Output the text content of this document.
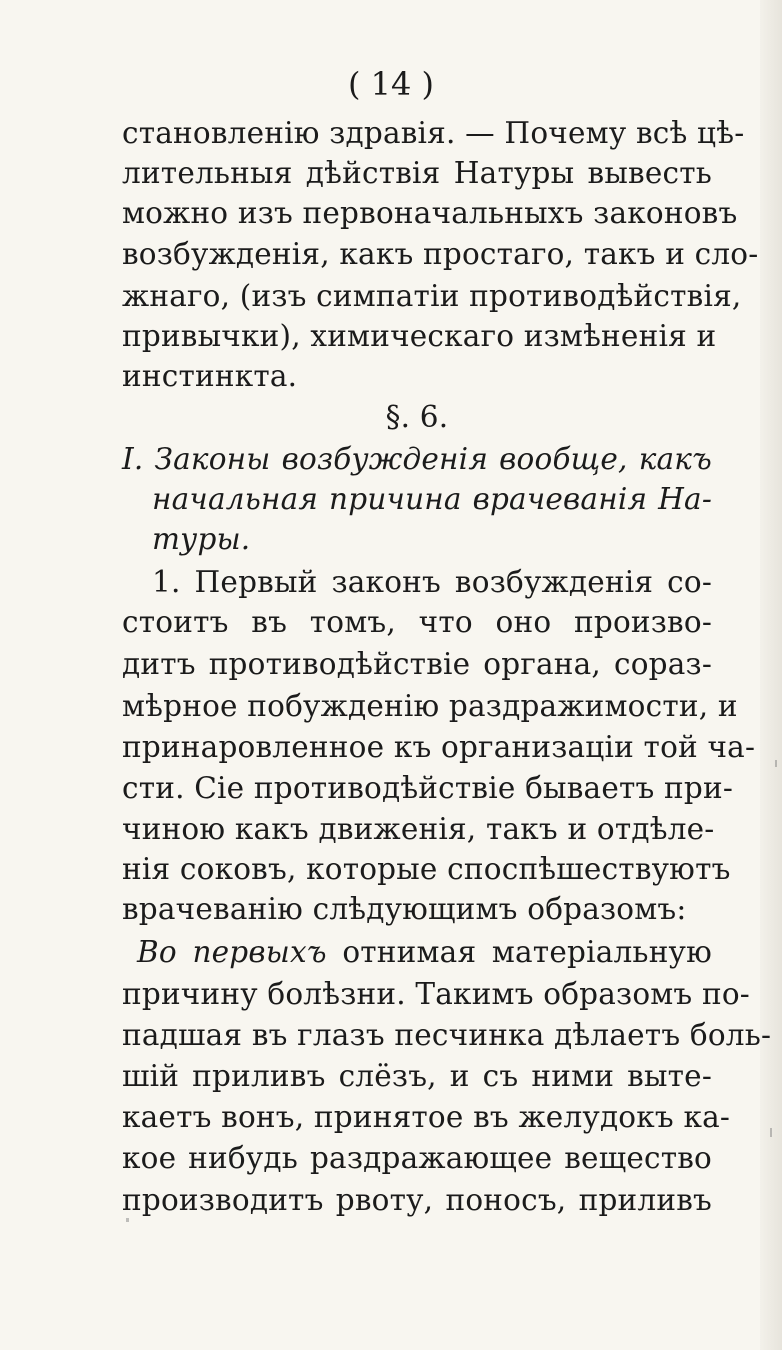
( 14 )
становленію здравія. — Почему всѣ цѣ-
лительныя дѣйствія Натуры вывесть
можно изъ первоначальныхъ законовъ
возбужденія, какъ простаго, такъ и сло-
жнаго, (изъ симпатіи противодѣйствія,
привычки), химическаго измѣненія и
инстинкта.
§. 6.
I. Законы возбужденія вообще, какъ
начальная причина врачеванія На-
туры.
1. Первый законъ возбужденія со-
стоитъ въ томъ, что оно произво-
дитъ противодѣйствіе органа, сораз-
мѣрное побужденію раздражимости, и
принаровленное къ организаціи той ча-
сти. Сіе противодѣйствіе бываетъ при-
чиною какъ движенія, такъ и отдѣле-
нія соковъ, которые споспѣшествуютъ
врачеванію слѣдующимъ образомъ:
Во первыхъ отнимая матеріальную
причину болѣзни. Такимъ образомъ по-
падшая въ глазъ песчинка дѣлаетъ боль-
шій приливъ слёзъ, и съ ними выте-
каетъ вонъ, принятое въ желудокъ ка-
кое нибудь раздражающее вещество
производитъ рвоту, поносъ, приливъ
